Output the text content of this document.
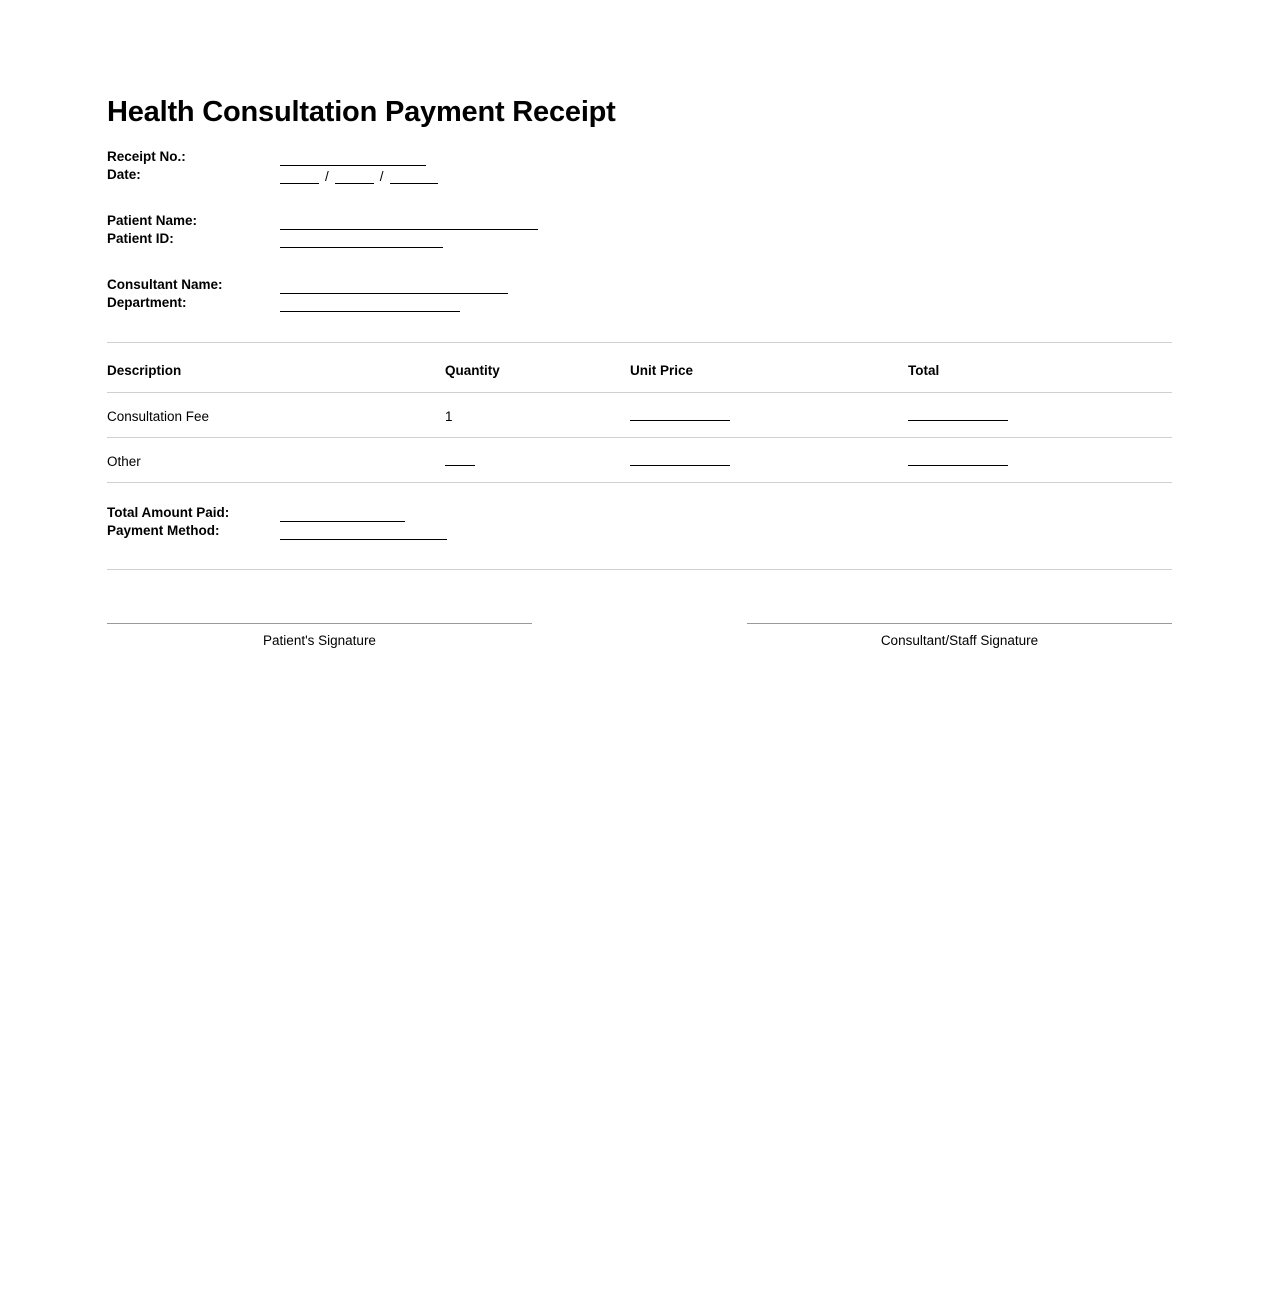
Health Consultation Payment Receipt
Receipt No.:
Date:	/	/
Patient Name:
Patient ID:
Consultant Name:
Department:
Description	Quantity	Unit Price	Total
Consultation Fee	1		
Other			
Total Amount Paid:
Payment Method:
Patient's Signature	Consultant/Staff Signature
